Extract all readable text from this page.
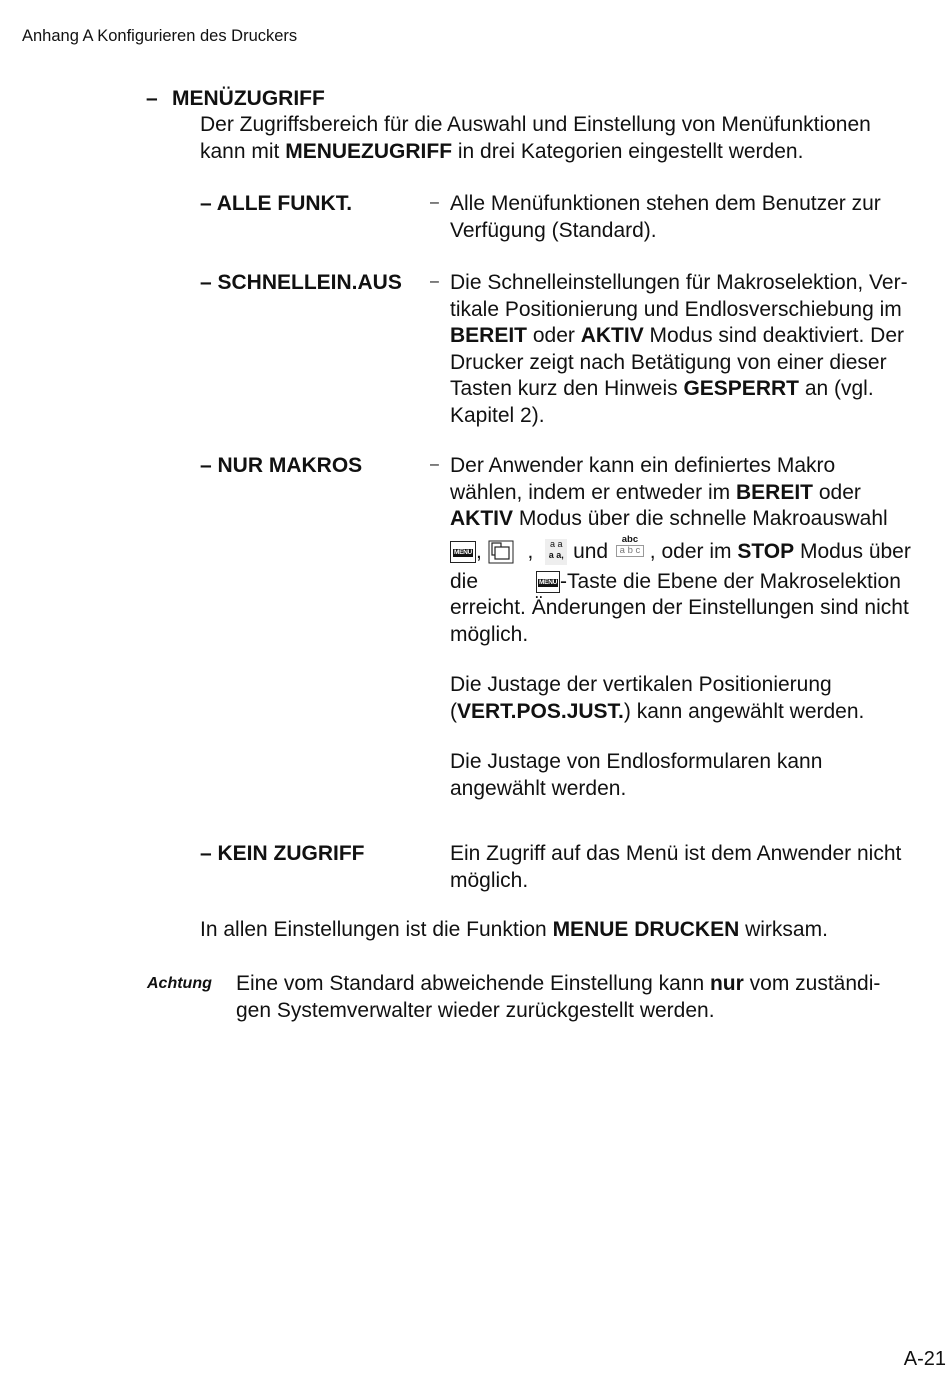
Anhang A Konfigurieren des Druckers
– MENÜZUGRIFF
Der Zugriffsbereich für die Auswahl und Einstellung von Menüfunktionen
kann mit MENUEZUGRIFF in drei Kategorien eingestellt werden.
– ALLE FUNKT.	– Alle Menüfunktionen stehen dem Benutzer zur
Verfügung (Standard).
– SCHNELLEIN.AUS – Die Schnelleinstellungen für Makroselektion, Ver-
tikale Positionierung und Endlosverschiebung im
BEREIT oder AKTIV Modus sind deaktiviert. Der
Drucker zeigt nach Betätigung von einer dieser
Tasten kurz den Hinweis GESPERRT an (vgl.
Kapitel 2).
– NUR MAKROS	– Der Anwender kann ein definiertes Makro
wählen, indem er entweder im BEREIT oder
AKTIV Modus über die schnelle Makroauswahl
MENU , ,	a a
a a, und
abc
a b c , oder im STOP Modus über
die	MENU -Taste die Ebene der Makroselektion
erreicht. Änderungen der Einstellungen sind nicht
möglich.
Die Justage der vertikalen Positionierung
(VERT.POS.JUST.) kann angewählt werden.
Die Justage von Endlosformularen kann
angewählt werden.
– KEIN ZUGRIFF	Ein Zugriff auf das Menü ist dem Anwender nicht
möglich.
In allen Einstellungen ist die Funktion MENUE DRUCKEN wirksam.
Achtung Eine vom Standard abweichende Einstellung kann nur vom zuständi-
gen Systemverwalter wieder zurückgestellt werden.
A-21
